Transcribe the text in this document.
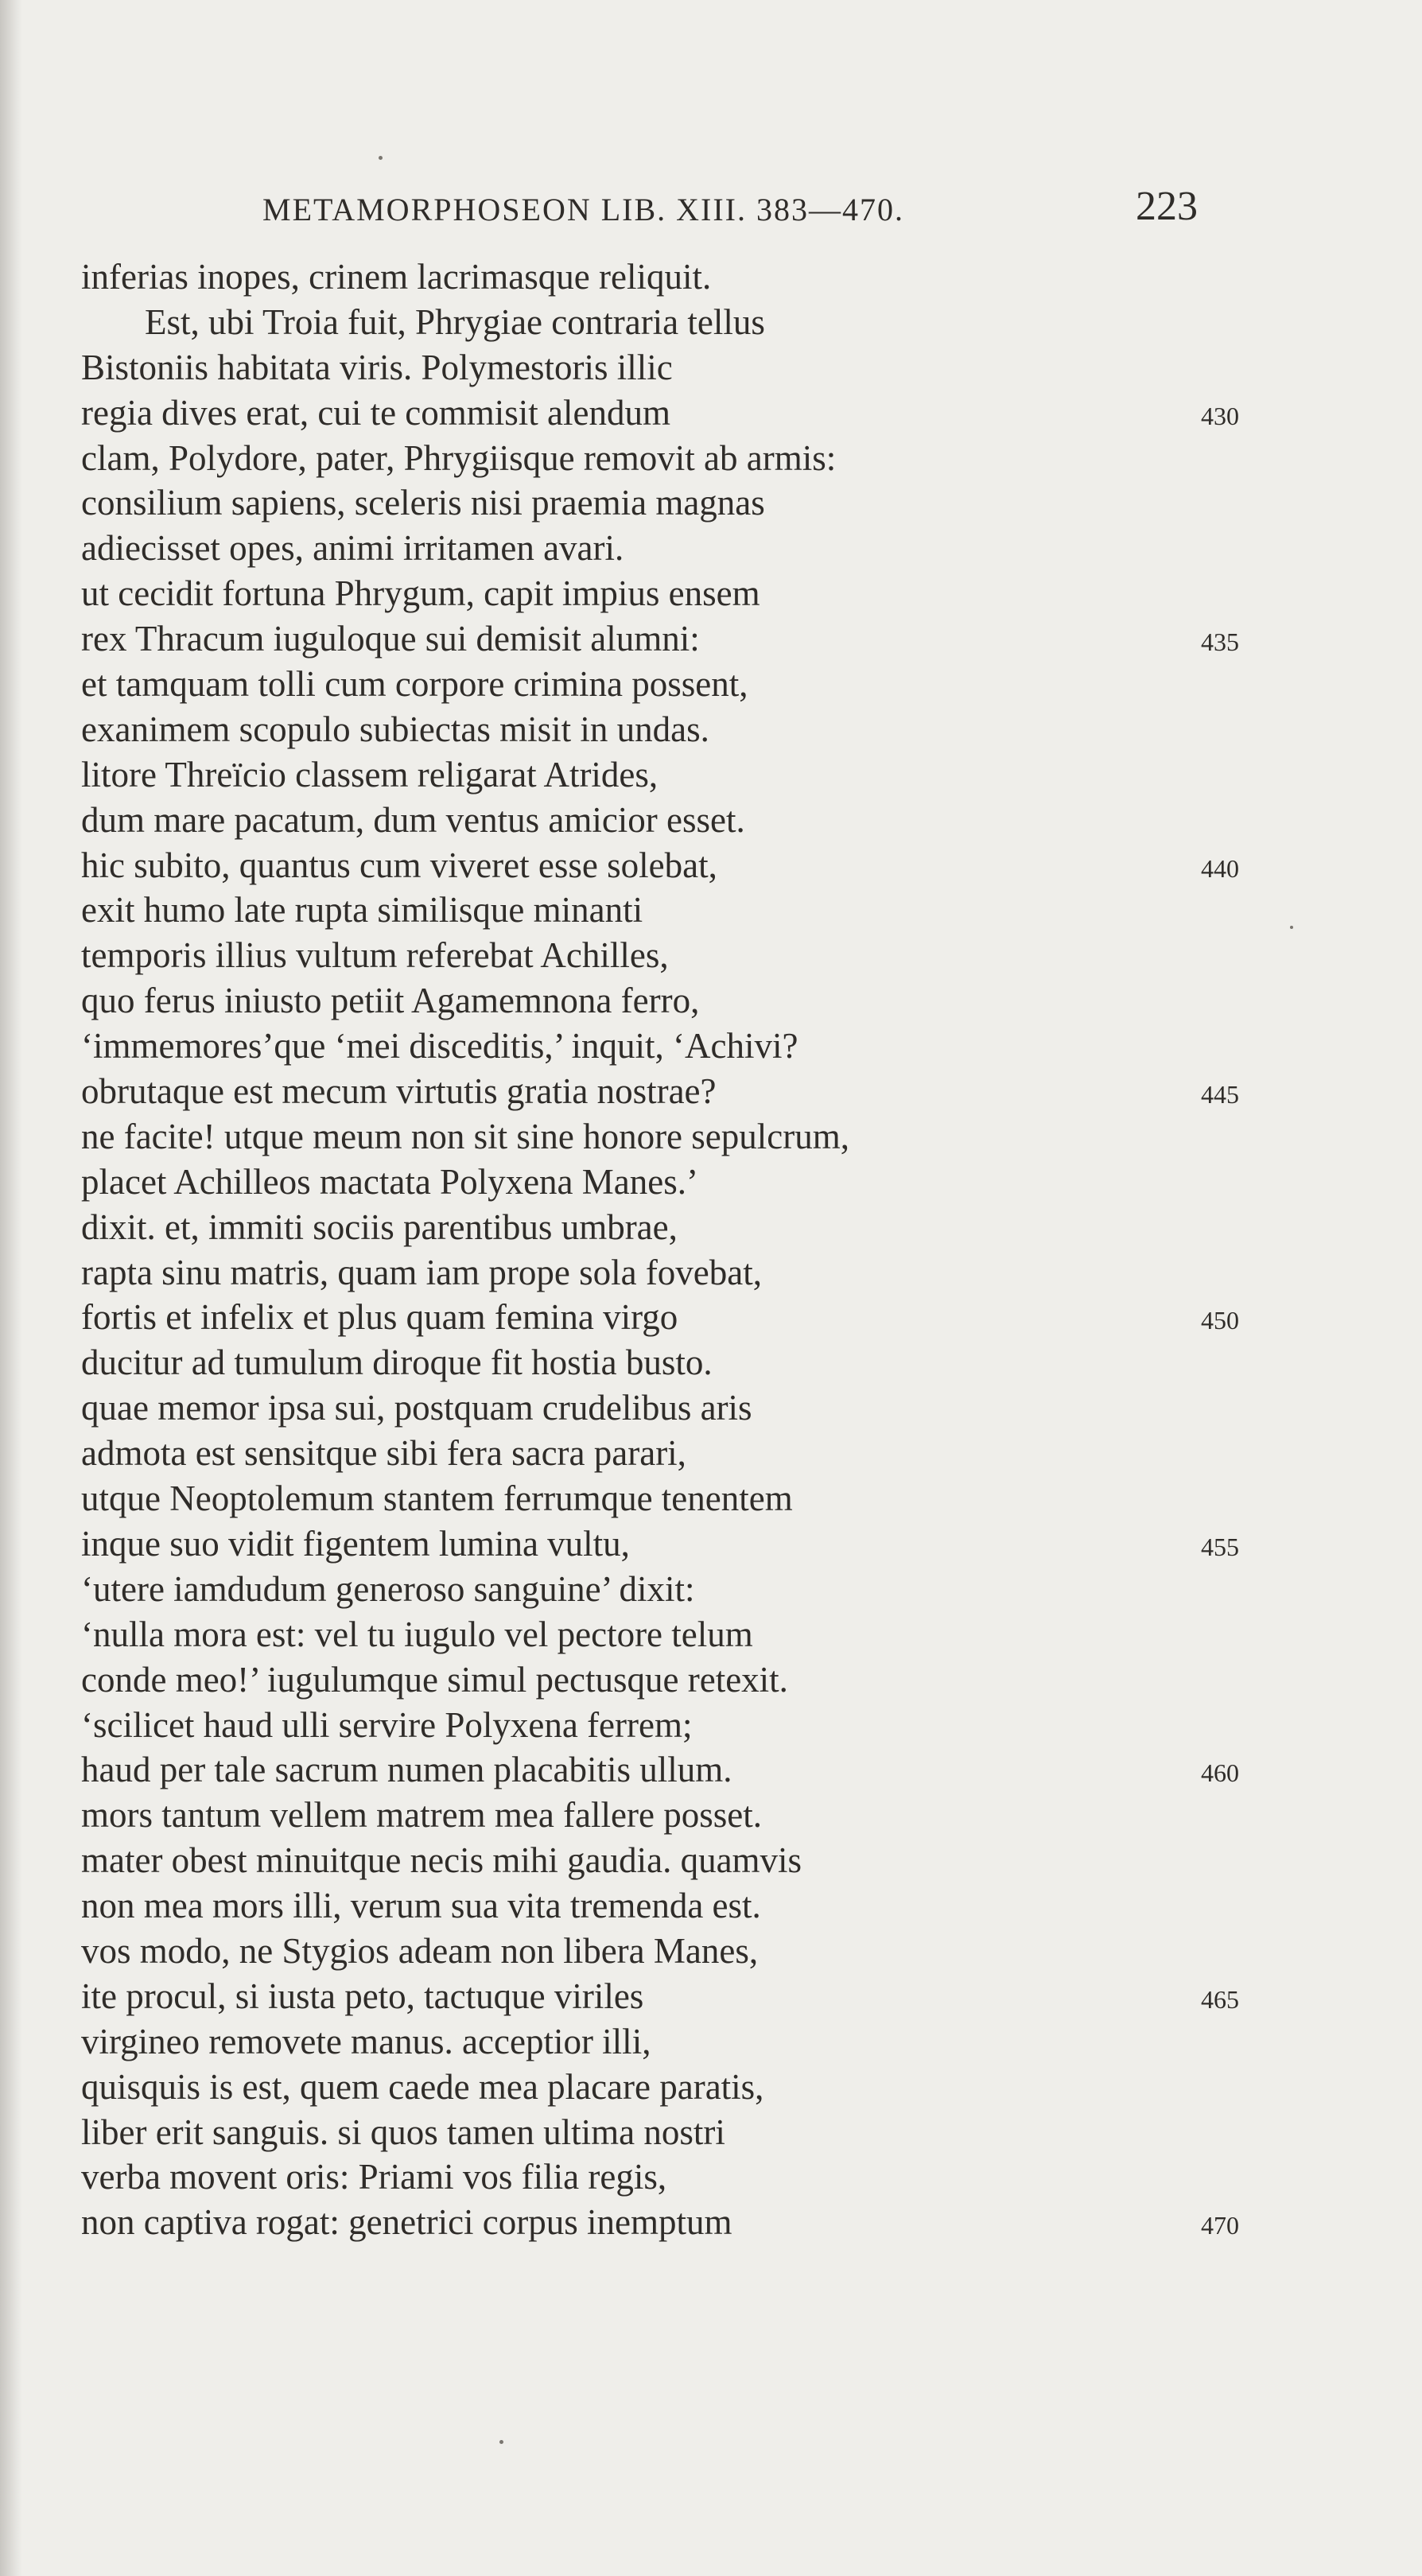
METAMORPHOSEON LIB. XIII. 383—470.	223
inferias inopes, crinem lacrimasque reliquit.
Est, ubi Troia fuit, Phrygiae contraria tellus
Bistoniis habitata viris. Polymestoris illic
regia dives erat, cui te commisit alendum	430
clam, Polydore, pater, Phrygiisque removit ab armis:
consilium sapiens, sceleris nisi praemia magnas
adiecisset opes, animi irritamen avari.
ut cecidit fortuna Phrygum, capit impius ensem
rex Thracum iuguloque sui demisit alumni:	435
et tamquam tolli cum corpore crimina possent,
exanimem scopulo subiectas misit in undas.
litore Threïcio classem religarat Atrides,
dum mare pacatum, dum ventus amicior esset.
hic subito, quantus cum viveret esse solebat,	440
exit humo late rupta similisque minanti
temporis illius vultum referebat Achilles,
quo ferus iniusto petiit Agamemnona ferro,
‘immemores’que ‘mei disceditis,’ inquit, ‘Achivi?
obrutaque est mecum virtutis gratia nostrae?	445
ne facite! utque meum non sit sine honore sepulcrum,
placet Achilleos mactata Polyxena Manes.’
dixit. et, immiti sociis parentibus umbrae,
rapta sinu matris, quam iam prope sola fovebat,
fortis et infelix et plus quam femina virgo	450
ducitur ad tumulum diroque fit hostia busto.
quae memor ipsa sui, postquam crudelibus aris
admota est sensitque sibi fera sacra parari,
utque Neoptolemum stantem ferrumque tenentem
inque suo vidit figentem lumina vultu,	455
‘utere iamdudum generoso sanguine’ dixit:
‘nulla mora est: vel tu iugulo vel pectore telum
conde meo!’ iugulumque simul pectusque retexit.
‘scilicet haud ulli servire Polyxena ferrem;
haud per tale sacrum numen placabitis ullum.	460
mors tantum vellem matrem mea fallere posset.
mater obest minuitque necis mihi gaudia. quamvis
non mea mors illi, verum sua vita tremenda est.
vos modo, ne Stygios adeam non libera Manes,
ite procul, si iusta peto, tactuque viriles	465
virgineo removete manus. acceptior illi,
quisquis is est, quem caede mea placare paratis,
liber erit sanguis. si quos tamen ultima nostri
verba movent oris: Priami vos filia regis,
non captiva rogat: genetrici corpus inemptum	470
